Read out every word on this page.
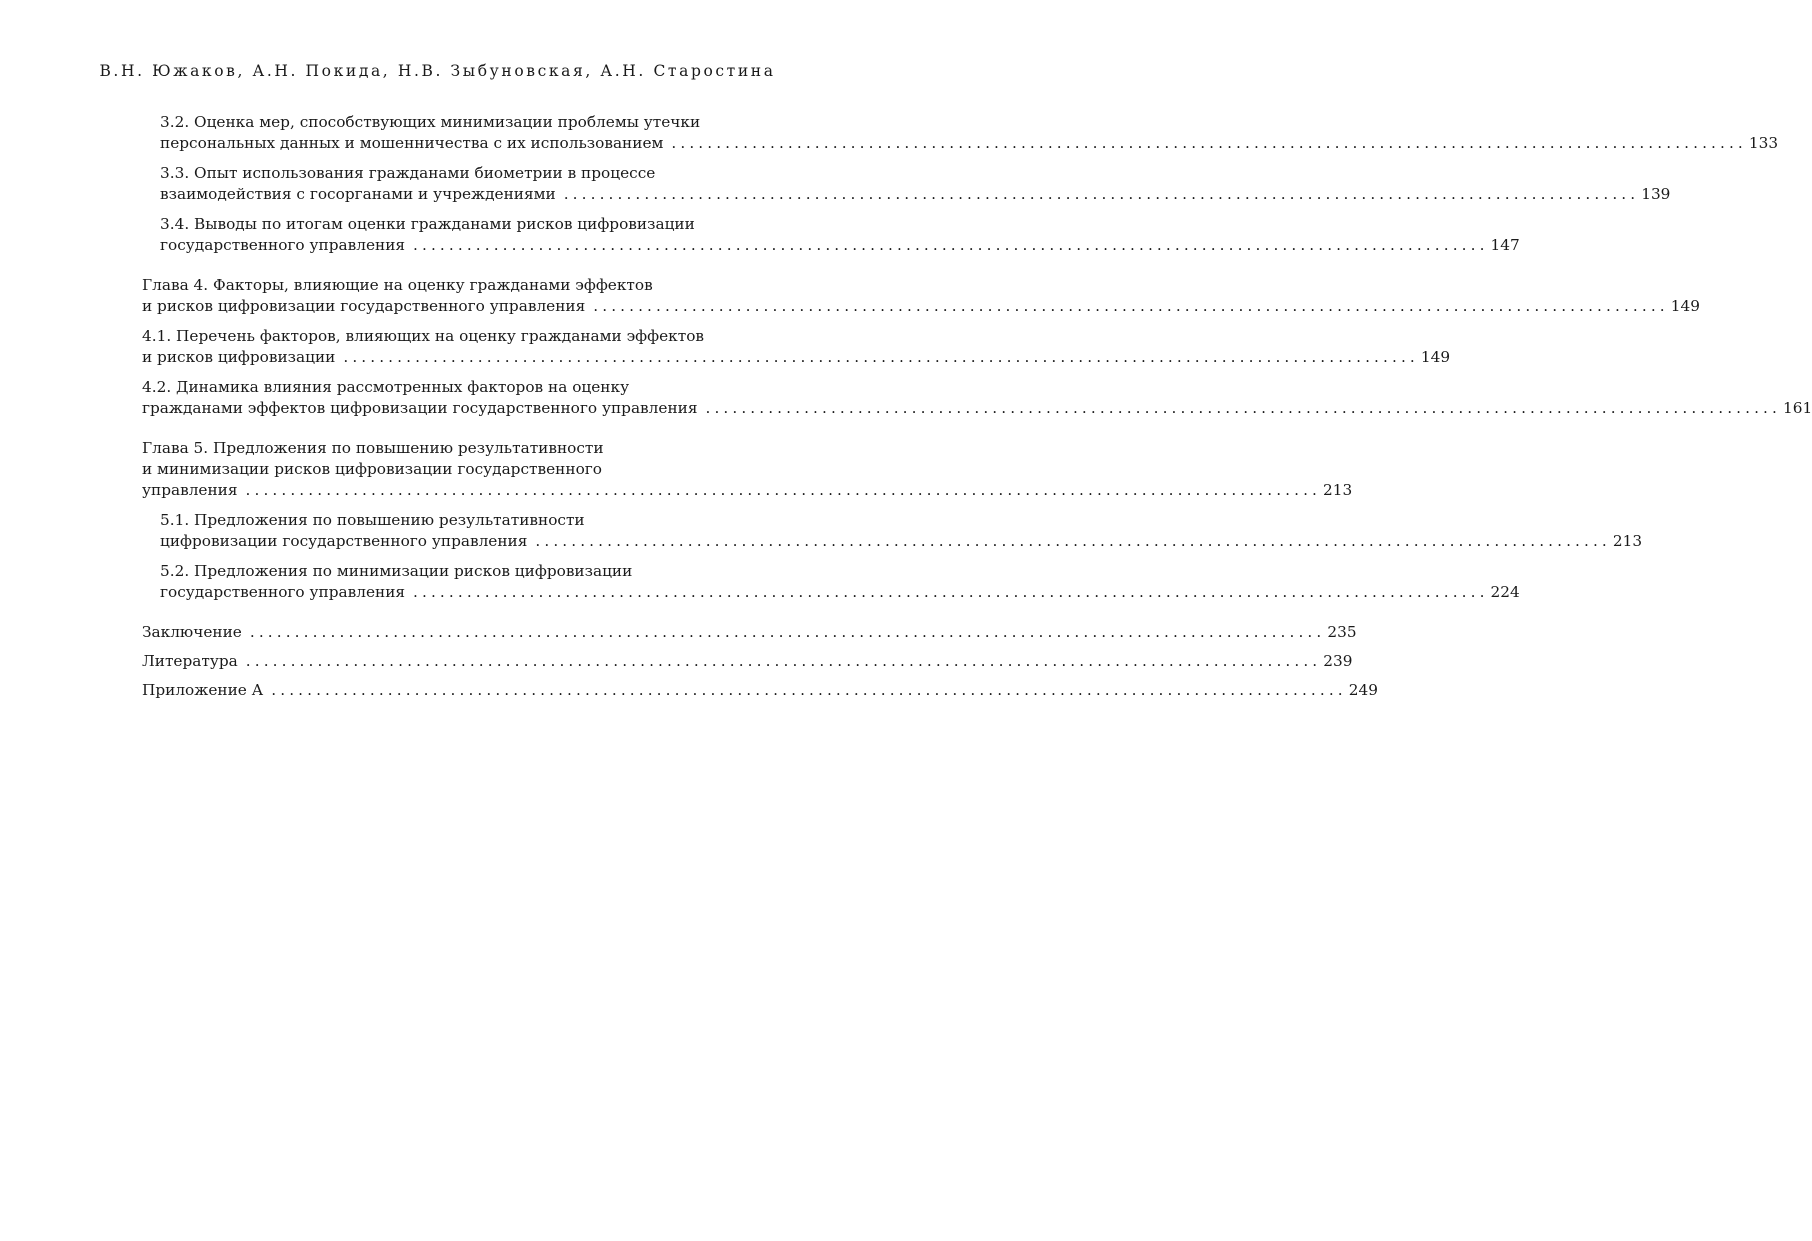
В.Н. Южаков, А.Н. Покида, Н.В. Зыбуновская, А.Н. Старостина
3.2. Оценка мер, способствующих минимизации проблемы утечки
персональных данных и мошенничества с их использованием ........................................................................................................................ 133
3.3. Опыт использования гражданами биометрии в процессе
взаимодействия с госорганами и учреждениями ........................................................................................................................ 139
3.4. Выводы по итогам оценки гражданами рисков цифровизации
государственного управления ........................................................................................................................ 147
Глава 4. Факторы, влияющие на оценку гражданами эффектов
и рисков цифровизации государственного управления ........................................................................................................................ 149
4.1. Перечень факторов, влияющих на оценку гражданами эффектов
и рисков цифровизации ........................................................................................................................ 149
4.2. Динамика влияния рассмотренных факторов на оценку
гражданами эффектов цифровизации государственного управления ........................................................................................................................ 161
Глава 5. Предложения по повышению результативности
и минимизации рисков цифровизации государственного
управления ........................................................................................................................ 213
5.1. Предложения по повышению результативности
цифровизации государственного управления ........................................................................................................................ 213
5.2. Предложения по минимизации рисков цифровизации
государственного управления ........................................................................................................................ 224
Заключение ........................................................................................................................ 235
Литература ........................................................................................................................ 239
Приложение А ........................................................................................................................ 249
